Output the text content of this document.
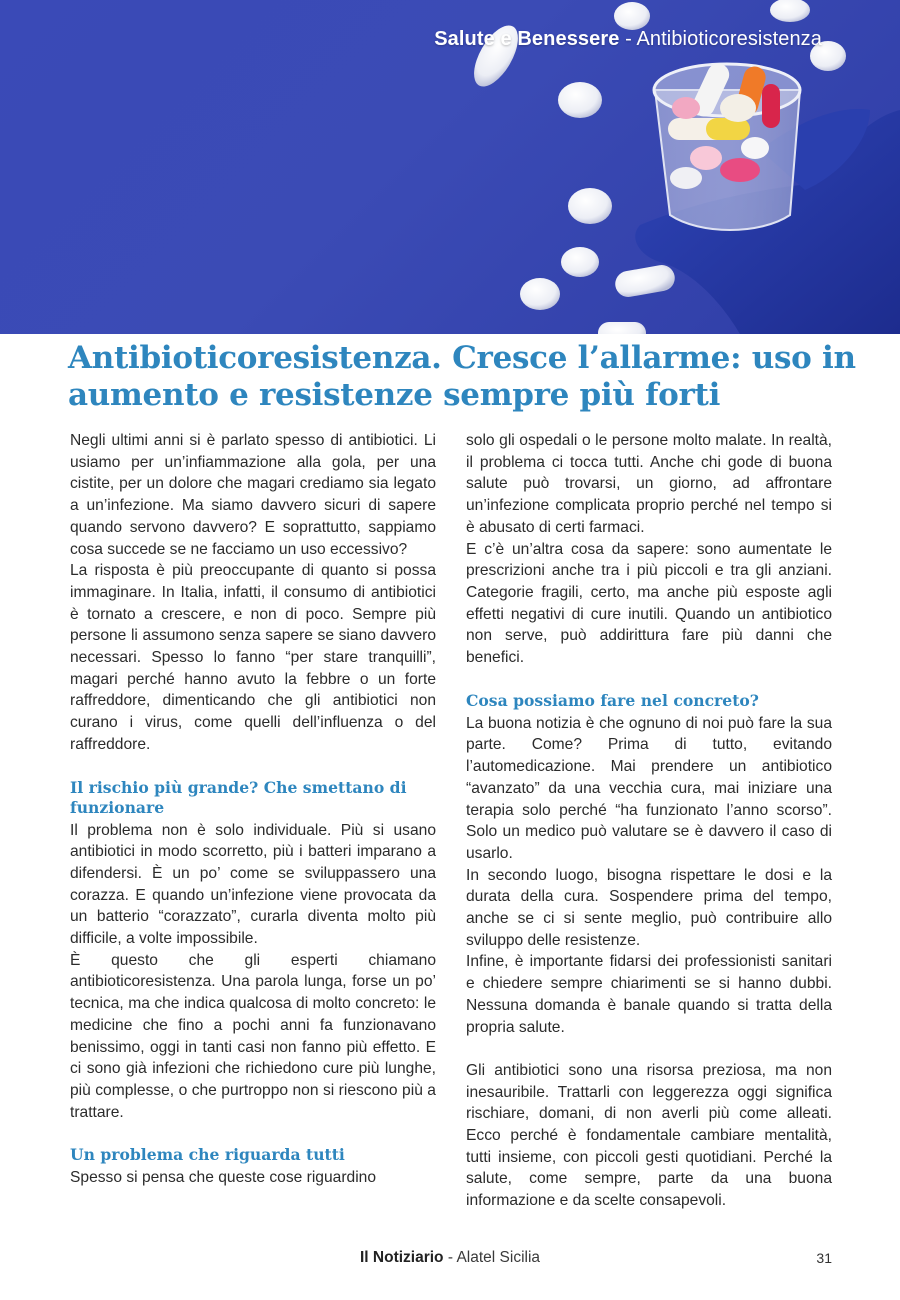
Salute e Benessere - Antibioticoresistenza
Antibioticoresistenza. Cresce l’allarme: uso in aumento e resistenze sempre più forti

Negli ultimi anni si è parlato spesso di antibiotici. Li usiamo per un’infiammazione alla gola, per una cistite, per un dolore che magari crediamo sia legato a un’infezione. Ma siamo davvero sicuri di sapere quando servono davvero? E soprattutto, sappiamo cosa succede se ne facciamo un uso eccessivo?

La risposta è più preoccupante di quanto si possa immaginare. In Italia, infatti, il consumo di antibiotici è tornato a crescere, e non di poco. Sempre più persone li assumono senza sapere se siano davvero necessari. Spesso lo fanno “per stare tranquilli”, magari perché hanno avuto la febbre o un forte raffreddore, dimenticando che gli antibiotici non curano i virus, come quelli dell’influenza o del raffreddore.

Il rischio più grande? Che smettano di funzionare

Il problema non è solo individuale. Più si usano antibiotici in modo scorretto, più i batteri imparano a difendersi. È un po’ come se sviluppassero una corazza. E quando un’infezione viene provocata da un batterio “corazzato”, curarla diventa molto più difficile, a volte impossibile.

È questo che gli esperti chiamano antibioticoresistenza. Una parola lunga, forse un po’ tecnica, ma che indica qualcosa di molto concreto: le medicine che fino a pochi anni fa funzionavano benissimo, oggi in tanti casi non fanno più effetto. E ci sono già infezioni che richiedono cure più lunghe, più complesse, o che purtroppo non si riescono più a trattare.

Un problema che riguarda tutti

Spesso si pensa che queste cose riguardino

solo gli ospedali o le persone molto malate. In realtà, il problema ci tocca tutti. Anche chi gode di buona salute può trovarsi, un giorno, ad affrontare un’infezione complicata proprio perché nel tempo si è abusato di certi farmaci.

E c’è un’altra cosa da sapere: sono aumentate le prescrizioni anche tra i più piccoli e tra gli anziani. Categorie fragili, certo, ma anche più esposte agli effetti negativi di cure inutili. Quando un antibiotico non serve, può addirittura fare più danni che benefici.

Cosa possiamo fare nel concreto?

La buona notizia è che ognuno di noi può fare la sua parte. Come? Prima di tutto, evitando l’automedicazione. Mai prendere un antibiotico “avanzato” da una vecchia cura, mai iniziare una terapia solo perché “ha funzionato l’anno scorso”. Solo un medico può valutare se è davvero il caso di usarlo.

In secondo luogo, bisogna rispettare le dosi e la durata della cura. Sospendere prima del tempo, anche se ci si sente meglio, può contribuire allo sviluppo delle resistenze.

Infine, è importante fidarsi dei professionisti sanitari e chiedere sempre chiarimenti se si hanno dubbi. Nessuna domanda è banale quando si tratta della propria salute.

Gli antibiotici sono una risorsa preziosa, ma non inesauribile. Trattarli con leggerezza oggi significa rischiare, domani, di non averli più come alleati. Ecco perché è fondamentale cambiare mentalità, tutti insieme, con piccoli gesti quotidiani. Perché la salute, come sempre, parte da una buona informazione e da scelte consapevoli.

Il Notiziario - Alatel Sicilia	31
